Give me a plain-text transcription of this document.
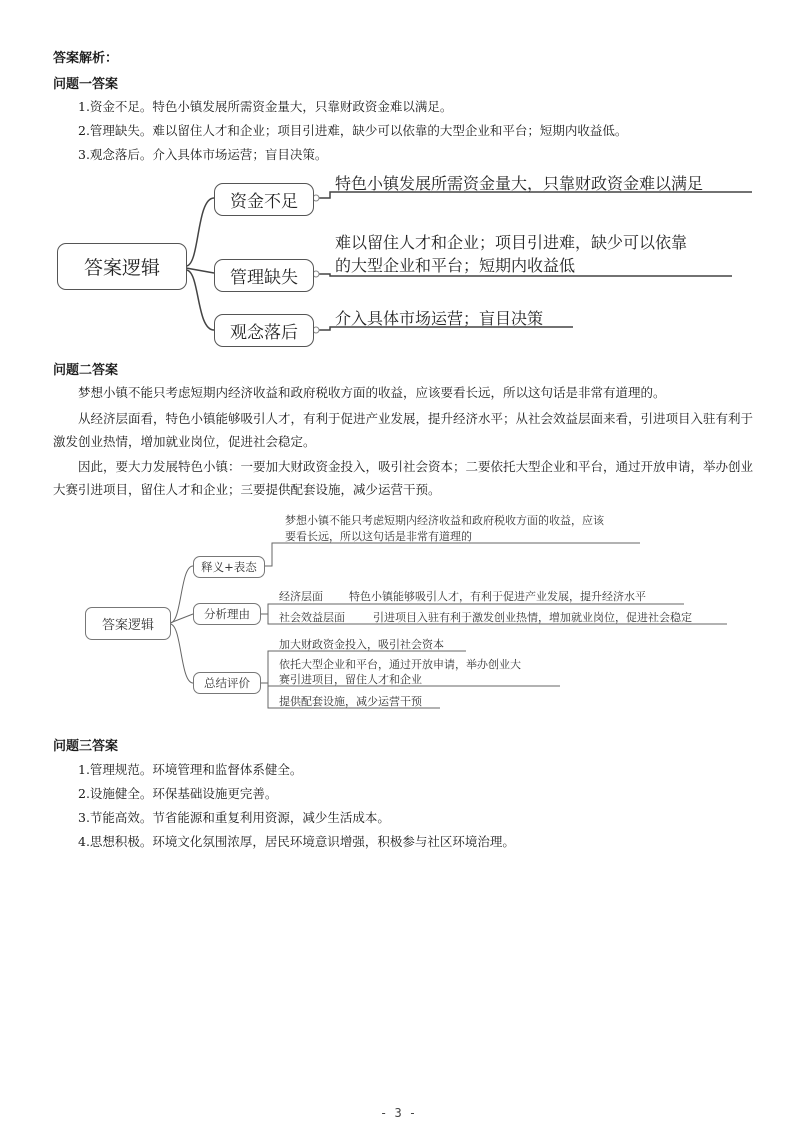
答案解析：
问题一答案
1.资金不足。特色小镇发展所需资金量大，只靠财政资金难以满足。
2.管理缺失。难以留住人才和企业；项目引进难，缺少可以依靠的大型企业和平台；短期内收益低。
3.观念落后。介入具体市场运营；盲目决策。
答案逻辑
资金不足
管理缺失
观念落后
特色小镇发展所需资金量大，只靠财政资金难以满足
难以留住人才和企业；项目引进难，缺少可以依靠
的大型企业和平台；短期内收益低
介入具体市场运营；盲目决策
问题二答案
梦想小镇不能只考虑短期内经济收益和政府税收方面的收益，应该要看长远，所以这句话是非常有道理的。
从经济层面看，特色小镇能够吸引人才，有利于促进产业发展，提升经济水平；从社会效益层面来看，引进项目入驻有利于激发创业热情，增加就业岗位，促进社会稳定。
因此，要大力发展特色小镇：一要加大财政资金投入，吸引社会资本；二要依托大型企业和平台，通过开放申请，举办创业大赛引进项目，留住人才和企业；三要提供配套设施，减少运营干预。
答案逻辑
释义+表态
分析理由
总结评价
梦想小镇不能只考虑短期内经济收益和政府税收方面的收益，应该
要看长远，所以这句话是非常有道理的
经济层面 特色小镇能够吸引人才，有利于促进产业发展，提升经济水平
社会效益层面	引进项目入驻有利于激发创业热情，增加就业岗位，促进社会稳定
加大财政资金投入，吸引社会资本
依托大型企业和平台，通过开放申请，举办创业大
赛引进项目，留住人才和企业
提供配套设施，减少运营干预
问题三答案
1.管理规范。环境管理和监督体系健全。
2.设施健全。环保基础设施更完善。
3.节能高效。节省能源和重复利用资源，减少生活成本。
4.思想积极。环境文化氛围浓厚，居民环境意识增强，积极参与社区环境治理。
- 3 -
